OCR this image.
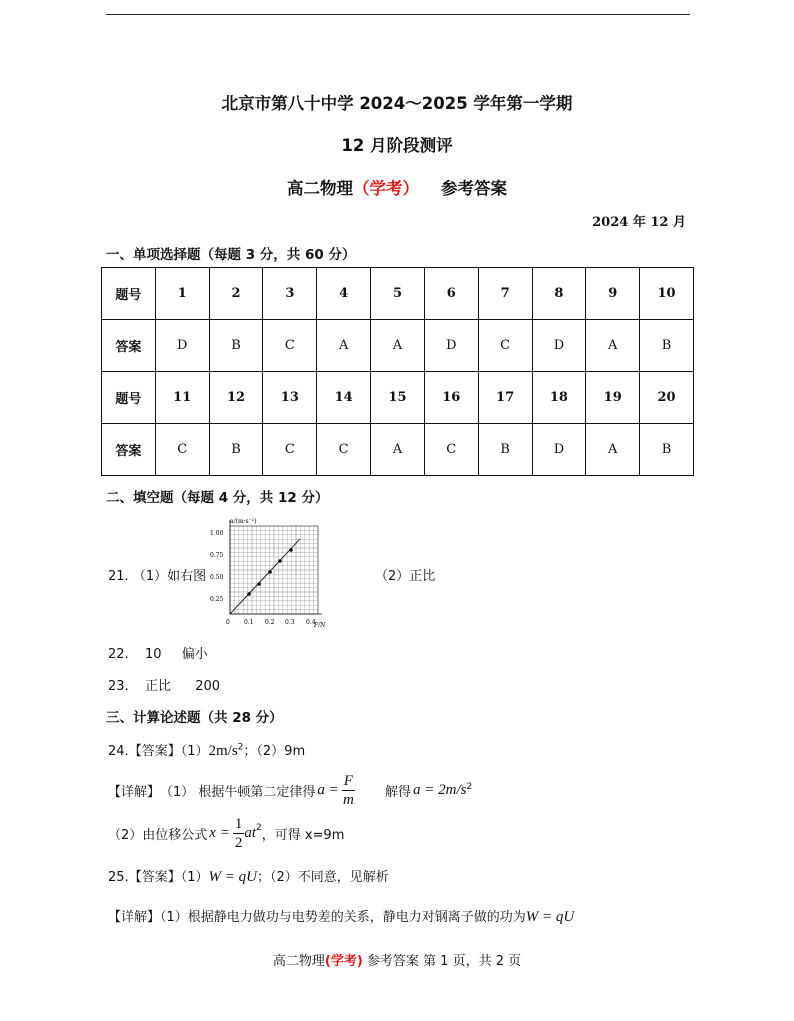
北京市第八十中学 2024～2025 学年第一学期
12 月阶段测评
高二物理（学考） 参考答案
2024 年 12 月
一、单项选择题（每题 3 分，共 60 分）
题号	1	2	3	4	5	6	7	8	9	10
答案	D	B	C	A	A	D	C	D	A	B
题号	11	12	13	14	15	16	17	18	19	20
答案	C	B	C	C	A	C	B	D	A	B
二、填空题（每题 4 分，共 12 分）
21. （1）如右图
a/(m·s⁻²)
1.00
0.75
0.50
0.25
0 0.1 0.2 0.3 0.4
F/N
（2）正比
22. 10 偏小
23. 正比 200
三、计算论述题（共 28 分）
24.【答案】$(1)2m/s^2$；（2）9m
【详解】 （1） 根据牛顿第二定律得 $a = \frac{F}{m}$ 解得 $a = 2m/s^2$
（2）由位移公式 $x = \frac{1}{2} at^2$ ，可得 x=9m
25.【答案】（1）W = qU；（2）不同意，见解析
【详解】（1）根据静电力做功与电势差的关系，静电力对钢离子做的功为W = qU
高二物理(学考) 参考答案 第 1 页，共 2 页
